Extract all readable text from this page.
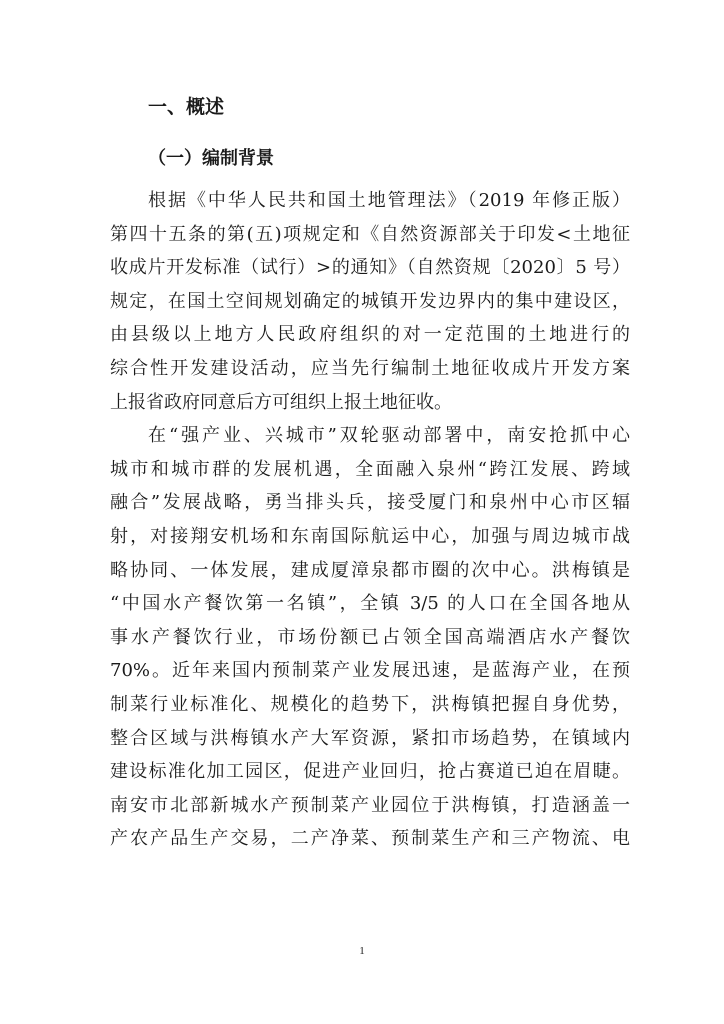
一、概述
（一）编制背景
根据《中华人民共和国土地管理法》（2019 年修正版）
第四十五条的第(五)项规定和《自然资源部关于印发<土地征
收成片开发标准（试行）>的通知》（自然资规〔2020〕5 号）
规定，在国土空间规划确定的城镇开发边界内的集中建设区，
由县级以上地方人民政府组织的对一定范围的土地进行的
综合性开发建设活动，应当先行编制土地征收成片开发方案
上报省政府同意后方可组织上报土地征收。
在“强产业、兴城市”双轮驱动部署中，南安抢抓中心
城市和城市群的发展机遇，全面融入泉州“跨江发展、跨域
融合”发展战略，勇当排头兵，接受厦门和泉州中心市区辐
射，对接翔安机场和东南国际航运中心，加强与周边城市战
略协同、一体发展，建成厦漳泉都市圈的次中心。洪梅镇是
“中国水产餐饮第一名镇”，全镇 3/5 的人口在全国各地从
事水产餐饮行业，市场份额已占领全国高端酒店水产餐饮
70%。近年来国内预制菜产业发展迅速，是蓝海产业，在预
制菜行业标准化、规模化的趋势下，洪梅镇把握自身优势，
整合区域与洪梅镇水产大军资源，紧扣市场趋势，在镇域内
建设标准化加工园区，促进产业回归，抢占赛道已迫在眉睫。
南安市北部新城水产预制菜产业园位于洪梅镇，打造涵盖一
产农产品生产交易，二产净菜、预制菜生产和三产物流、电
1
